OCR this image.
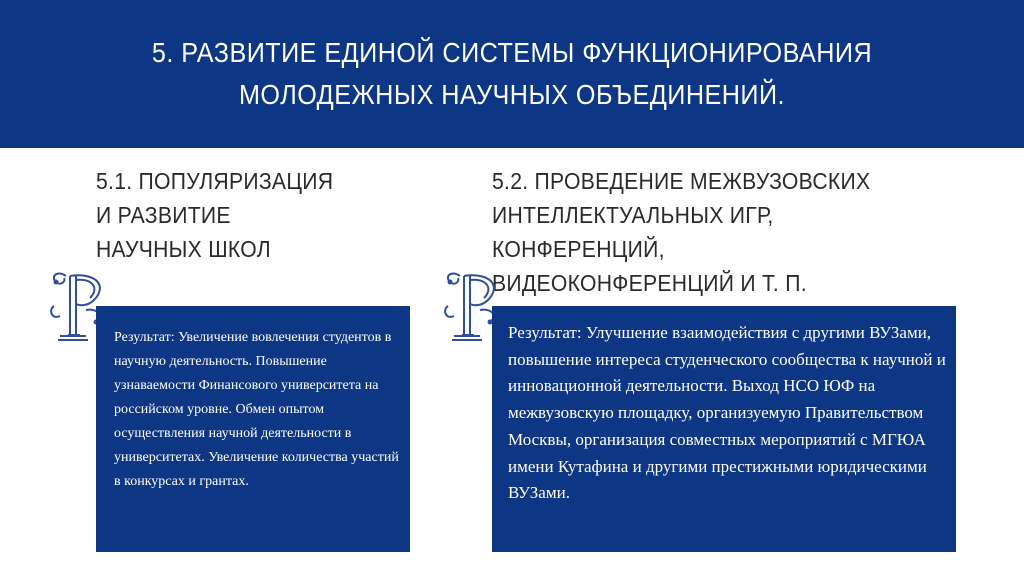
5. РАЗВИТИЕ ЕДИНОЙ СИСТЕМЫ ФУНКЦИОНИРОВАНИЯ МОЛОДЕЖНЫХ НАУЧНЫХ ОБЪЕДИНЕНИЙ.
5.1. ПОПУЛЯРИЗАЦИЯ
И РАЗВИТИЕ
НАУЧНЫХ ШКОЛ
5.2. ПРОВЕДЕНИЕ МЕЖВУЗОВСКИХ
ИНТЕЛЛЕКТУАЛЬНЫХ ИГР, КОНФЕРЕНЦИЙ,
ВИДЕОКОНФЕРЕНЦИЙ И Т. П.
Результат: Увеличение вовлечения студентов в научную деятельность. Повышение узнаваемости Финансового университета на российском уровне. Обмен опытом осуществления научной деятельности в университетах. Увеличение количества участий в конкурсах и грантах.
Результат: Улучшение взаимодействия с другими ВУЗами, повышение интереса студенческого сообщества к научной и инновационной деятельности. Выход НСО ЮФ на межвузовскую площадку, организуемую Правительством Москвы, организация совместных мероприятий с МГЮА имени Кутафина и другими престижными юридическими ВУЗами.
